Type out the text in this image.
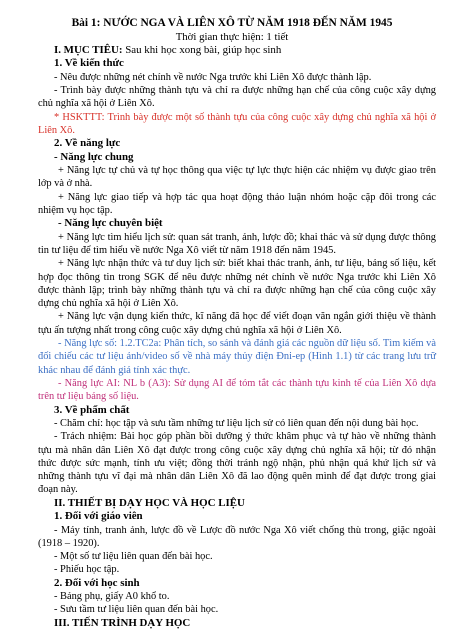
Bài 1: NƯỚC NGA VÀ LIÊN XÔ TỪ NĂM 1918 ĐẾN NĂM 1945

Thời gian thực hiện: 1 tiết

I. MỤC TIÊU: Sau khi học xong bài, giúp học sinh

1. Về kiến thức

- Nêu được những nét chính về nước Nga trước khi Liên Xô được thành lập.

- Trình bày được những thành tựu và chỉ ra được những hạn chế của công cuộc xây dựng chủ nghĩa xã hội ở Liên Xô.

* HSKTTT: Trình bày được một số thành tựu của công cuộc xây dựng chủ nghĩa xã hội ở Liên Xô.

2. Về năng lực

- Năng lực chung

+ Năng lực tự chủ và tự học thông qua việc tự lực thực hiện các nhiệm vụ được giao trên lớp và ở nhà.

+ Năng lực giao tiếp và hợp tác qua hoạt động thảo luận nhóm hoặc cặp đôi trong các nhiệm vụ học tập.

- Năng lực chuyên biệt

+ Năng lực tìm hiểu lịch sử: quan sát tranh, ảnh, lược đồ; khai thác và sử dụng được thông tin tư liệu để tìm hiểu về nước Nga Xô viết từ năm 1918 đến năm 1945.

+ Năng lực nhận thức và tư duy lịch sử: biết khai thác tranh, ảnh, tư liệu, bảng số liệu, kết hợp đọc thông tin trong SGK để nêu được những nét chính về nước Nga trước khi Liên Xô được thành lập; trình bày những thành tựu và chỉ ra được những hạn chế của công cuộc xây dựng chủ nghĩa xã hội ở Liên Xô.

+ Năng lực vận dụng kiến thức, kĩ năng đã học để viết đoạn văn ngắn giới thiệu về thành tựu ấn tượng nhất trong công cuộc xây dựng chủ nghĩa xã hội ở Liên Xô.

- Năng lực số: 1.2.TC2a: Phân tích, so sánh và đánh giá các nguồn dữ liệu số. Tìm kiếm và đối chiếu các tư liệu ảnh/video số về nhà máy thủy điện Đni-ep (Hình 1.1) từ các trang lưu trữ khác nhau để đánh giá tính xác thực.

- Năng lực AI: NL b (A3): Sử dụng AI để tóm tắt các thành tựu kinh tế của Liên Xô dựa trên tư liệu bảng số liệu.

3. Về phẩm chất

- Chăm chỉ: học tập và sưu tầm những tư liệu lịch sử có liên quan đến nội dung bài học.

- Trách nhiệm: Bài học góp phần bồi dưỡng ý thức khâm phục và tự hào về những thành tựu mà nhân dân Liên Xô đạt được trong công cuộc xây dựng chủ nghĩa xã hội; từ đó nhận thức được sức mạnh, tính ưu việt; đồng thời tránh ngộ nhận, phủ nhận quá khứ lịch sử và những thành tựu vĩ đại mà nhân dân Liên Xô đã lao động quên mình để đạt được trong giai đoạn này.

II. THIẾT BỊ DẠY HỌC VÀ HỌC LIỆU

1. Đối với giáo viên

- Máy tính, tranh ảnh, lược đồ về Lược đồ nước Nga Xô viết chống thù trong, giặc ngoài (1918 – 1920).

- Một số tư liệu liên quan đến bài học.

- Phiếu học tập.

2. Đối với học sinh

- Bảng phụ, giấy A0 khổ to.

- Sưu tầm tư liệu liên quan đến bài học.

III. TIẾN TRÌNH DẠY HỌC
